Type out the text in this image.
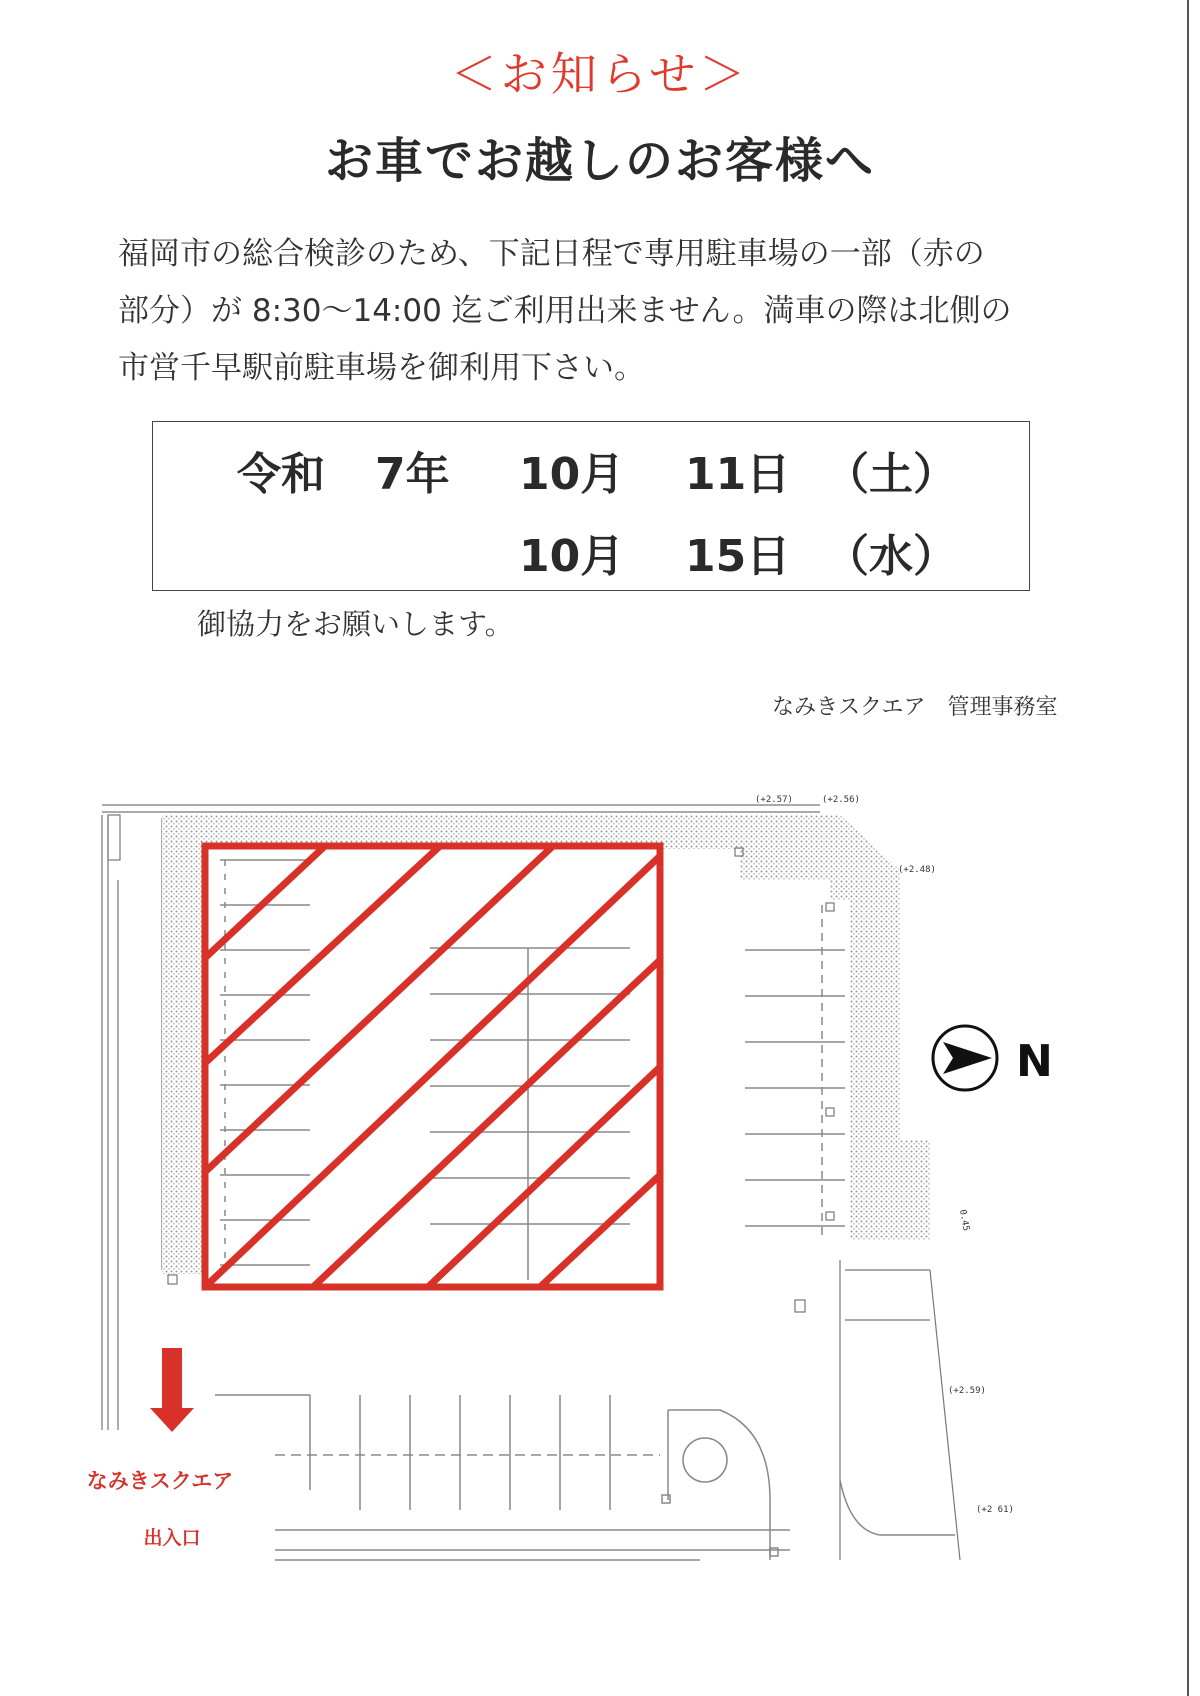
＜お知らせ＞
お車でお越しのお客様へ
福岡市の総合検診のため、下記日程で専用駐車場の一部（赤の
部分）が 8:30～14:00 迄ご利用出来ません。満車の際は北側の
市営千早駅前駐車場を御利用下さい。
令和 7年 10月 11日 （土）
10月 15日 （水）
御協力をお願いします。
なみきスクエア　管理事務室
(+2.57)	(+2.56)
(+2.48)
(+2.59)
(+2 61)
0.45
N
なみきスクエア
出入口
